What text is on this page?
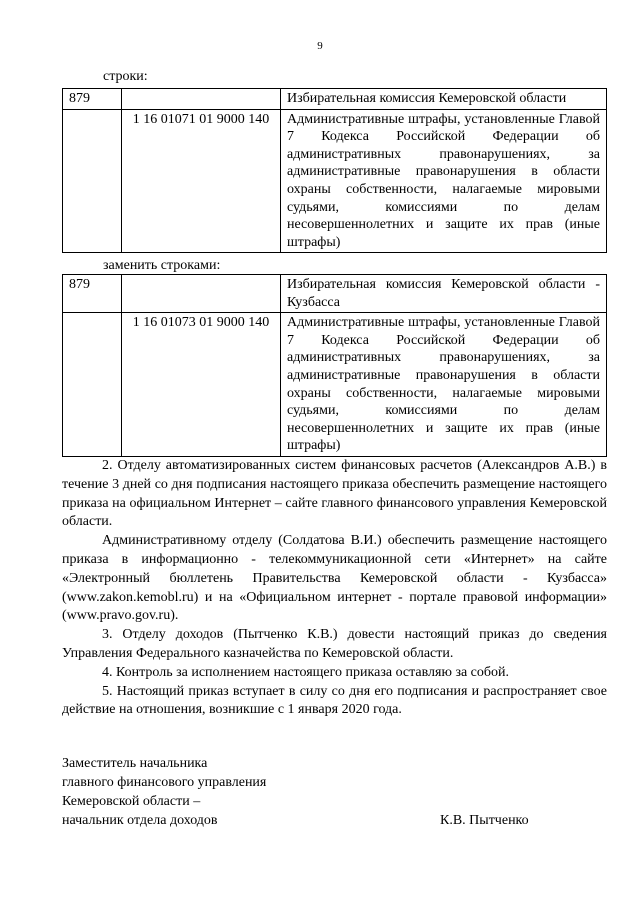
9
строки:
879		Избирательная комиссия Кемеровской области
	1 16 01071 01 9000 140	Административные штрафы, установленные Главой 7 Кодекса Российской Федерации об административных правонарушениях, за административные правонарушения в области охраны собственности, налагаемые мировыми судьями, комиссиями по делам несовершеннолетних и защите их прав (иные штрафы)
заменить строками:
879		Избирательная комиссия Кемеровской области - Кузбасса
	1 16 01073 01 9000 140	Административные штрафы, установленные Главой 7 Кодекса Российской Федерации об административных правонарушениях, за административные правонарушения в области охраны собственности, налагаемые мировыми судьями, комиссиями по делам несовершеннолетних и защите их прав (иные штрафы)

2. Отделу автоматизированных систем финансовых расчетов (Александров А.В.) в течение 3 дней со дня подписания настоящего приказа обеспечить размещение настоящего приказа на официальном Интернет – сайте главного финансового управления Кемеровской области.

Административному отделу (Солдатова В.И.) обеспечить размещение настоящего приказа в информационно - телекоммуникационной сети «Интернет» на сайте «Электронный бюллетень Правительства Кемеровской области - Кузбасса» (www.zakon.kemobl.ru) и на «Официальном интернет - портале правовой информации» (www.pravo.gov.ru).

3. Отделу доходов (Пытченко К.В.) довести настоящий приказ до сведения Управления Федерального казначейства по Кемеровской области.

4. Контроль за исполнением настоящего приказа оставляю за собой.

5. Настоящий приказ вступает в силу со дня его подписания и распространяет свое действие на отношения, возникшие с 1 января 2020 года.

Заместитель начальника
главного финансового управления
Кемеровской области –
начальник отдела доходов	К.В. Пытченко
